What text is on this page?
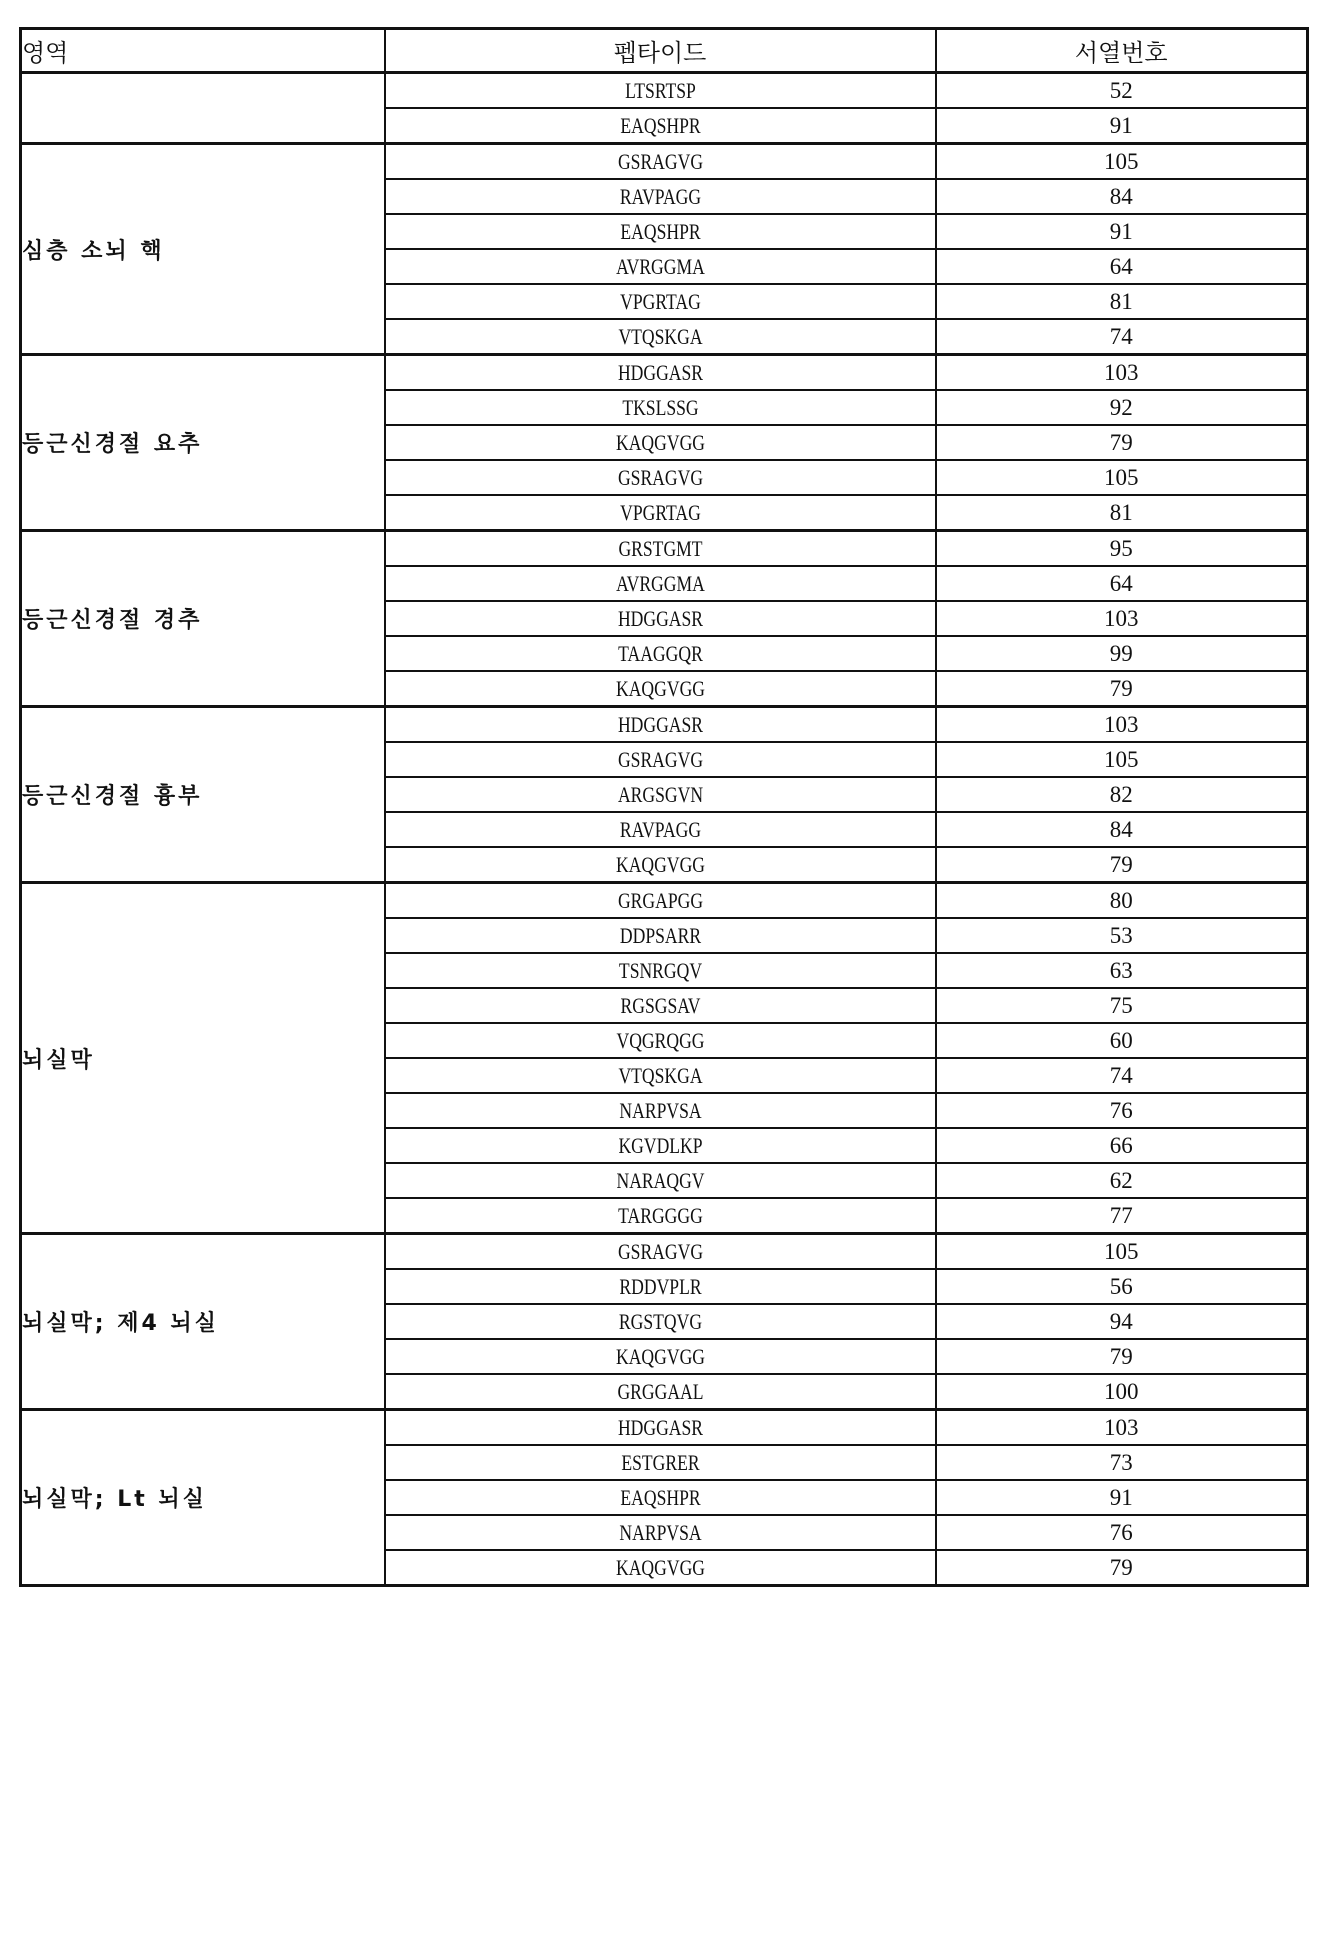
영역	펩타이드	서열번호
	LTSRTSP	52
	EAQSHPR	91
심층 소뇌 핵	GSRAGVG	105
	RAVPAGG	84
	EAQSHPR	91
	AVRGGMA	64
	VPGRTAG	81
	VTQSKGA	74
등근신경절 요추	HDGGASR	103
	TKSLSSG	92
	KAQGVGG	79
	GSRAGVG	105
	VPGRTAG	81
등근신경절 경추	GRSTGMT	95
	AVRGGMA	64
	HDGGASR	103
	TAAGGQR	99
	KAQGVGG	79
등근신경절 흉부	HDGGASR	103
	GSRAGVG	105
	ARGSGVN	82
	RAVPAGG	84
	KAQGVGG	79
뇌실막	GRGAPGG	80
	DDPSARR	53
	TSNRGQV	63
	RGSGSAV	75
	VQGRQGG	60
	VTQSKGA	74
	NARPVSA	76
	KGVDLKP	66
	NARAQGV	62
	TARGGGG	77
뇌실막; 제4 뇌실	GSRAGVG	105
	RDDVPLR	56
	RGSTQVG	94
	KAQGVGG	79
	GRGGAAL	100
뇌실막; Lt 뇌실	HDGGASR	103
	ESTGRER	73
	EAQSHPR	91
	NARPVSA	76
	KAQGVGG	79
